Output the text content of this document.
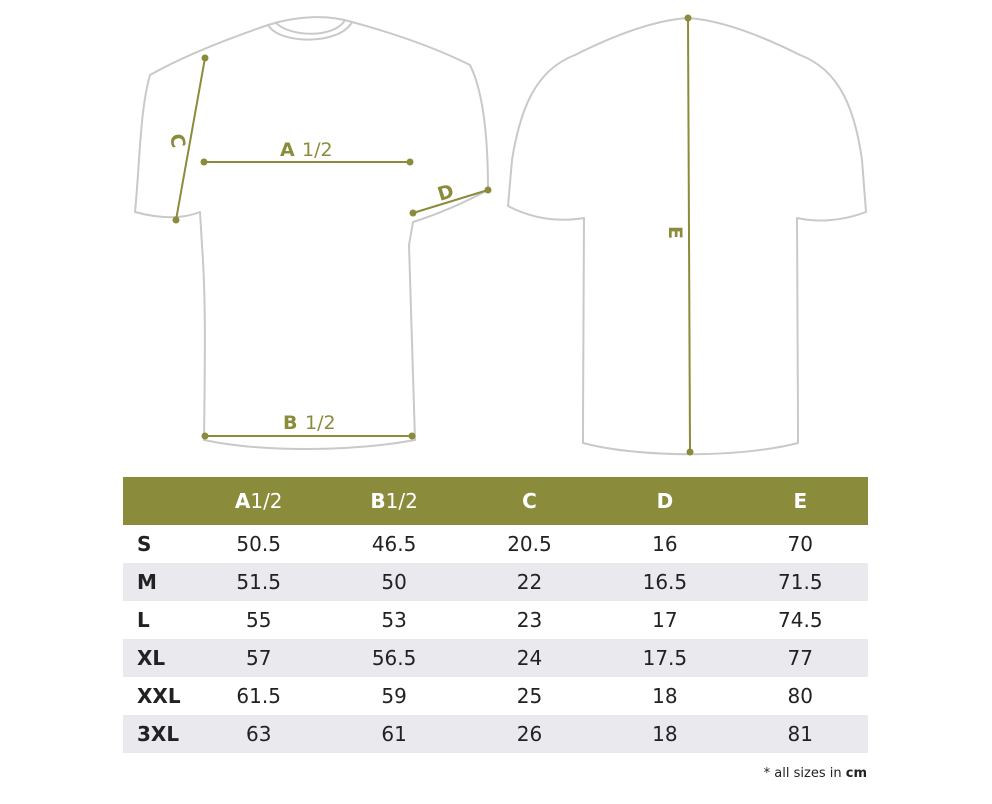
A 1/2
B 1/2
C
D
E
	A1/2	B1/2	C	D	E
S	50.5	46.5	20.5	16	70
M	51.5	50	22	16.5	71.5
L	55	53	23	17	74.5
XL	57	56.5	24	17.5	77
XXL	61.5	59	25	18	80
3XL	63	61	26	18	81

* all sizes in cm
